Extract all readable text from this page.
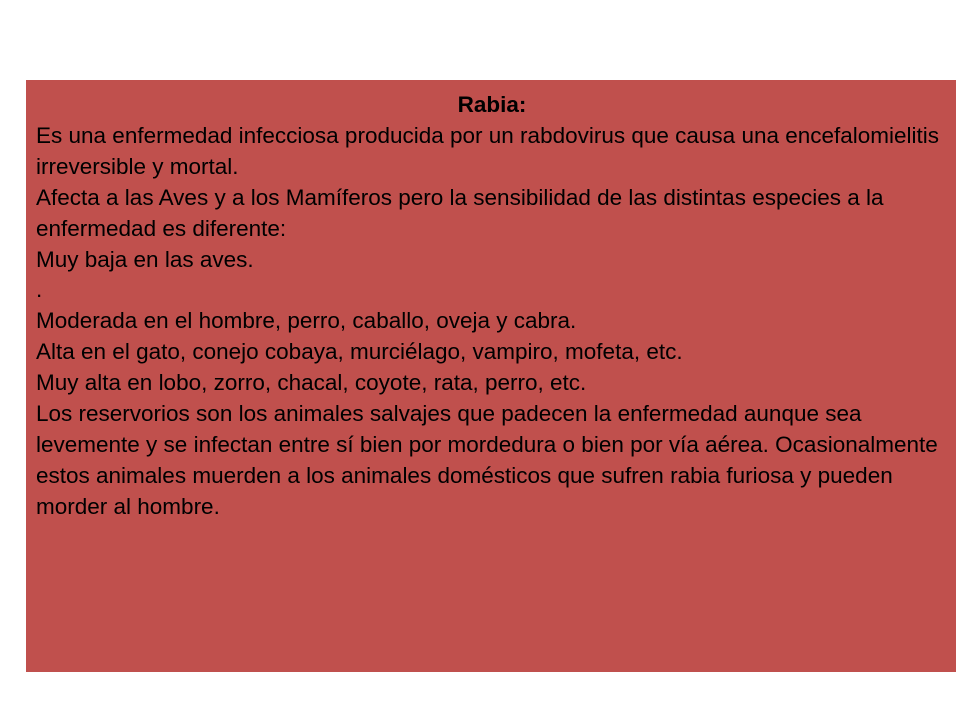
Rabia:

Es una enfermedad infecciosa producida por un rabdovirus que causa una encefalomielitis irreversible y mortal.

Afecta a las Aves y a los Mamíferos pero la sensibilidad de las distintas especies a la enfermedad es diferente:

Muy baja en las aves.

.

Moderada en el hombre, perro, caballo, oveja y cabra.

Alta en el gato, conejo cobaya, murciélago, vampiro, mofeta, etc.

Muy alta en lobo, zorro, chacal, coyote, rata, perro, etc.

Los reservorios son los animales salvajes que padecen la enfermedad aunque sea levemente y se infectan entre sí bien por mordedura o bien por vía aérea. Ocasionalmente estos animales muerden a los animales domésticos que sufren rabia furiosa y pueden morder al hombre.
